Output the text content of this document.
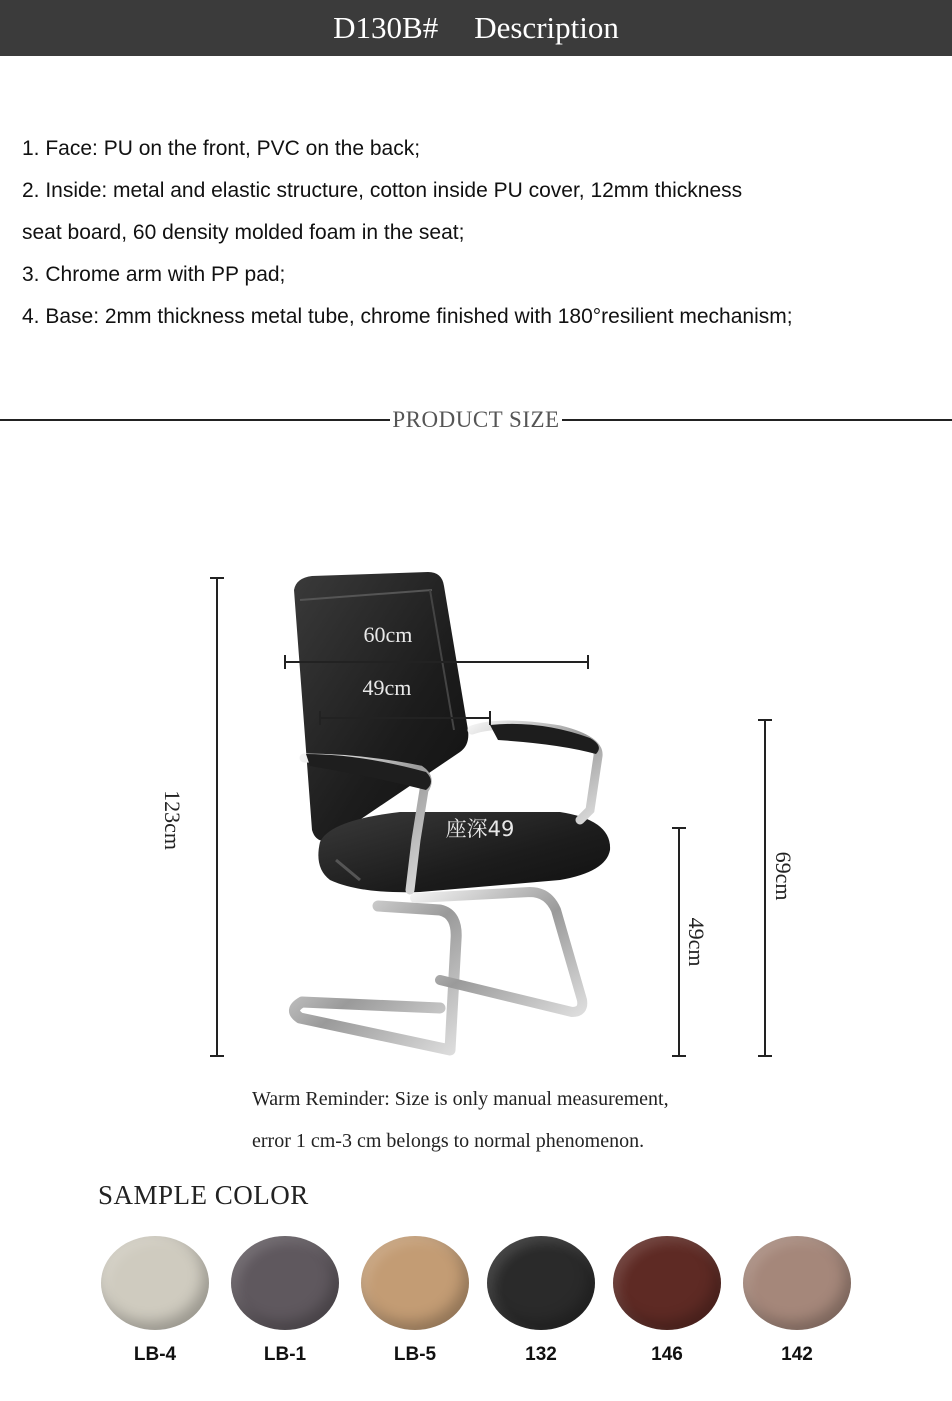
D130B# Description

1. Face: PU on the front, PVC on the back;

2. Inside: metal and elastic structure, cotton inside PU cover, 12mm thickness

seat board, 60 density molded foam in the seat;

3. Chrome arm with PP pad;

4. Base: 2mm thickness metal tube, chrome finished with 180°resilient mechanism;

PRODUCT SIZE
60cm
49cm
座深49
123cm
49cm
69cm

Warm Reminder: Size is only manual measurement,

error 1 cm-3 cm belongs to normal phenomenon.

SAMPLE COLOR
LB-4	LB-1	LB-5	132	146	142
